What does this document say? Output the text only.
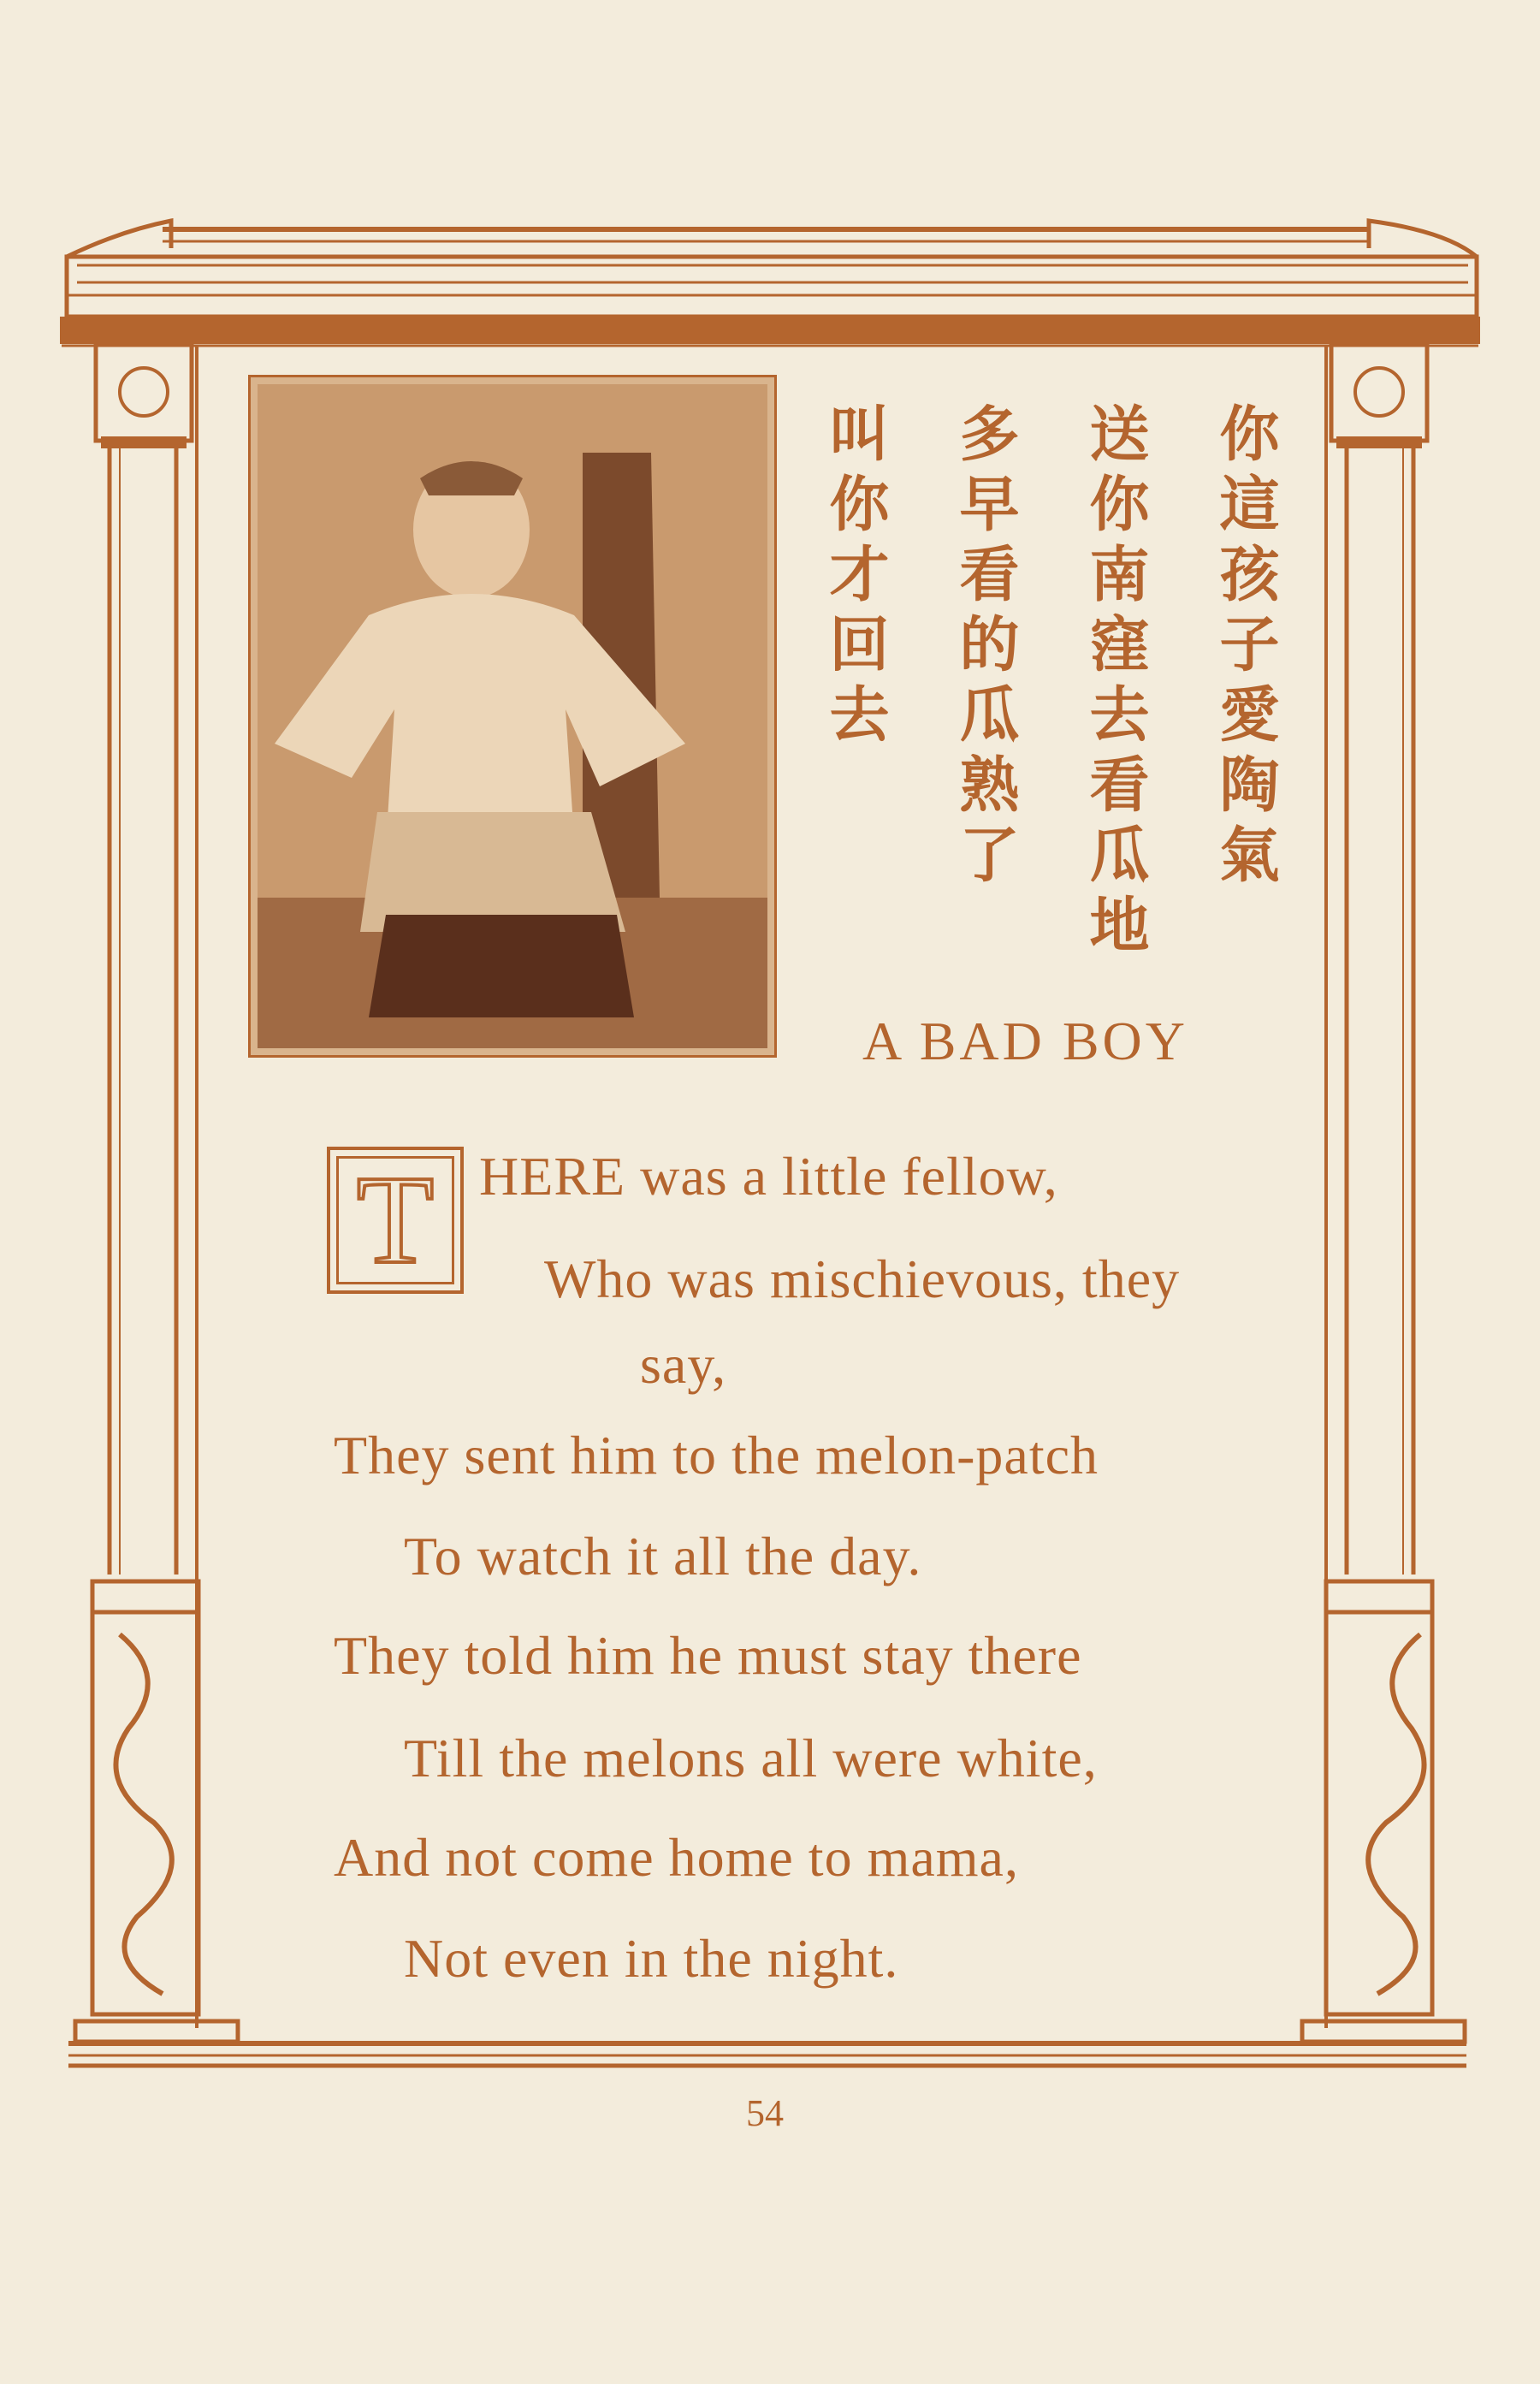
你這孩子愛陶氣
送你南窪去看瓜地
多早看的瓜熟了
叫你才回去
A BAD BOY
T HERE was a little fellow,
Who was mischievous, they
say,
They sent him to the melon-patch
To watch it all the day.
They told him he must stay there
Till the melons all were white,
And not come home to mama,
Not even in the night.
54
